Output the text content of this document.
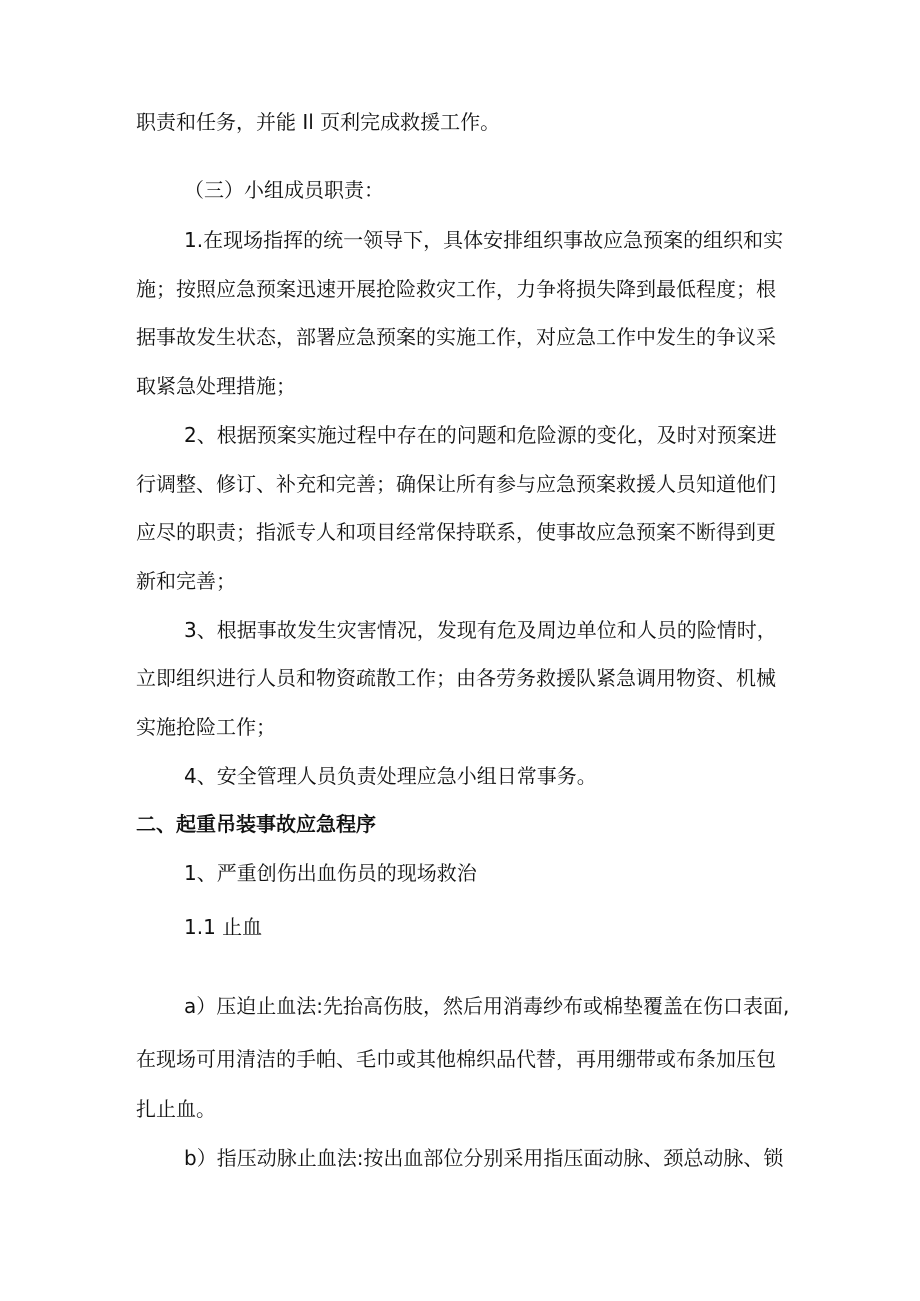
职责和任务，并能 Il 页利完成救援工作。
（三）小组成员职责：
1.在现场指挥的统一领导下，具体安排组织事故应急预案的组织和实
施；按照应急预案迅速开展抢险救灾工作，力争将损失降到最低程度；根
据事故发生状态，部署应急预案的实施工作，对应急工作中发生的争议采
取紧急处理措施；
2、根据预案实施过程中存在的问题和危险源的变化，及时对预案进
行调整、修订、补充和完善；确保让所有参与应急预案救援人员知道他们
应尽的职责；指派专人和项目经常保持联系，使事故应急预案不断得到更
新和完善；
3、根据事故发生灾害情况，发现有危及周边单位和人员的险情时，
立即组织进行人员和物资疏散工作；由各劳务救援队紧急调用物资、机械
实施抢险工作；
4、安全管理人员负责处理应急小组日常事务。
二、起重吊装事故应急程序
1、严重创伤出血伤员的现场救治
1.1 止血
a）压迫止血法:先抬高伤肢，然后用消毒纱布或棉垫覆盖在伤口表面,
在现场可用清洁的手帕、毛巾或其他棉织品代替，再用绷带或布条加压包
扎止血。
b）指压动脉止血法:按出血部位分别采用指压面动脉、颈总动脉、锁
